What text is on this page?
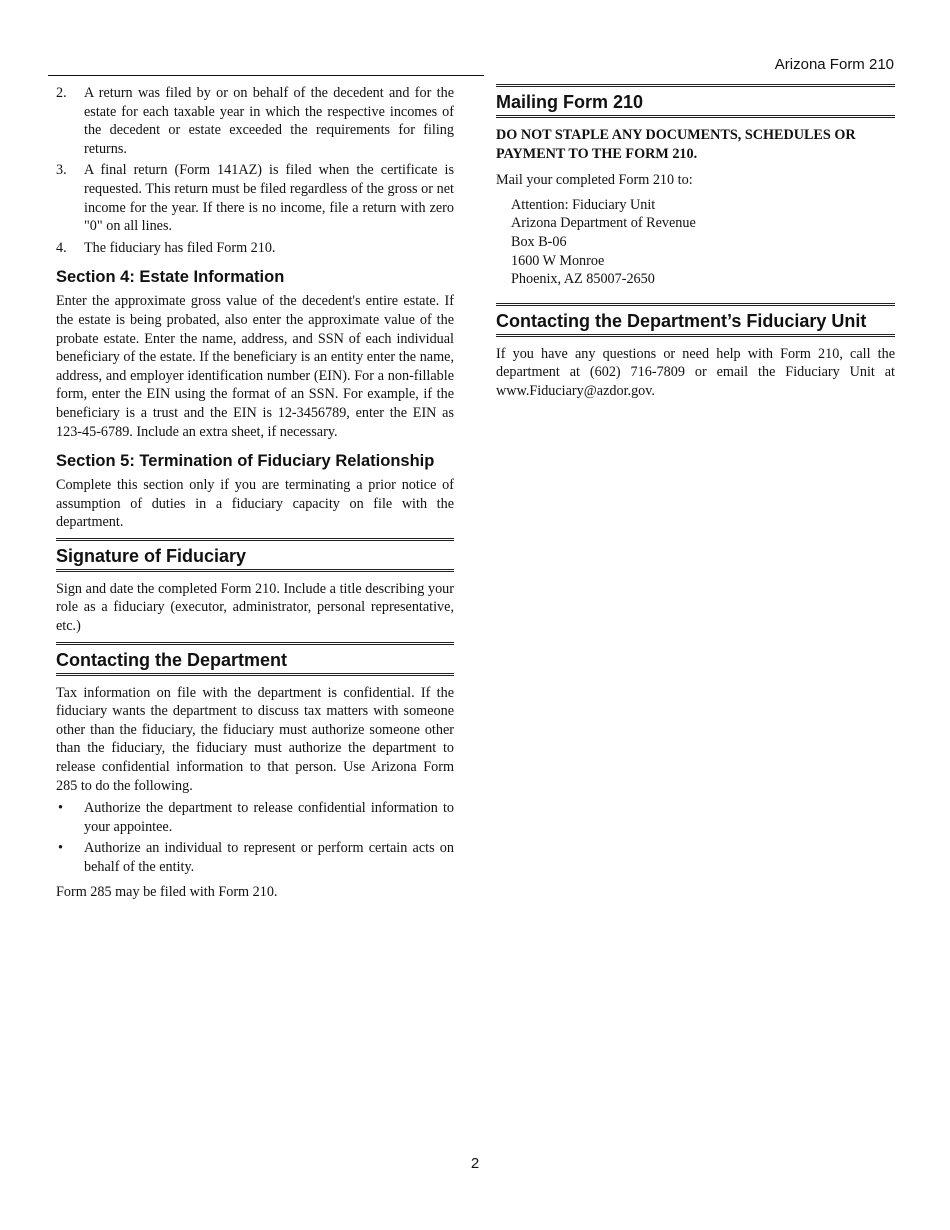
Arizona Form 210
2. A return was filed by or on behalf of the decedent and for the estate for each taxable year in which the respective incomes of the decedent or estate exceeded the requirements for filing returns.
3. A final return (Form 141AZ) is filed when the certificate is requested. This return must be filed regardless of the gross or net income for the year. If there is no income, file a return with zero "0" on all lines.
4. The fiduciary has filed Form 210.
Section 4: Estate Information

Enter the approximate gross value of the decedent's entire estate. If the estate is being probated, also enter the approximate value of the probate estate. Enter the name, address, and SSN of each individual beneficiary of the estate. If the beneficiary is an entity enter the name, address, and employer identification number (EIN). For a non-fillable form, enter the EIN using the format of an SSN. For example, if the beneficiary is a trust and the EIN is 12-3456789, enter the EIN as 123-45-6789. Include an extra sheet, if necessary.

Section 5: Termination of Fiduciary Relationship

Complete this section only if you are terminating a prior notice of assumption of duties in a fiduciary capacity on file with the department.

Signature of Fiduciary

Sign and date the completed Form 210. Include a title describing your role as a fiduciary (executor, administrator, personal representative, etc.)

Contacting the Department

Tax information on file with the department is confidential. If the fiduciary wants the department to discuss tax matters with someone other than the fiduciary, the fiduciary must authorize someone other than the fiduciary, the fiduciary must authorize the department to release confidential information to that person. Use Arizona Form 285 to do the following.

• Authorize the department to release confidential information to your appointee.
• Authorize an individual to represent or perform certain acts on behalf of the entity.

Form 285 may be filed with Form 210.

Mailing Form 210

DO NOT STAPLE ANY DOCUMENTS, SCHEDULES OR PAYMENT TO THE FORM 210.

Mail your completed Form 210 to:

Attention: Fiduciary Unit
Arizona Department of Revenue
Box B-06
1600 W Monroe
Phoenix, AZ 85007-2650
Contacting the Department’s Fiduciary Unit

If you have any questions or need help with Form 210, call the department at (602) 716-7809 or email the Fiduciary Unit at www.Fiduciary@azdor.gov.

2
